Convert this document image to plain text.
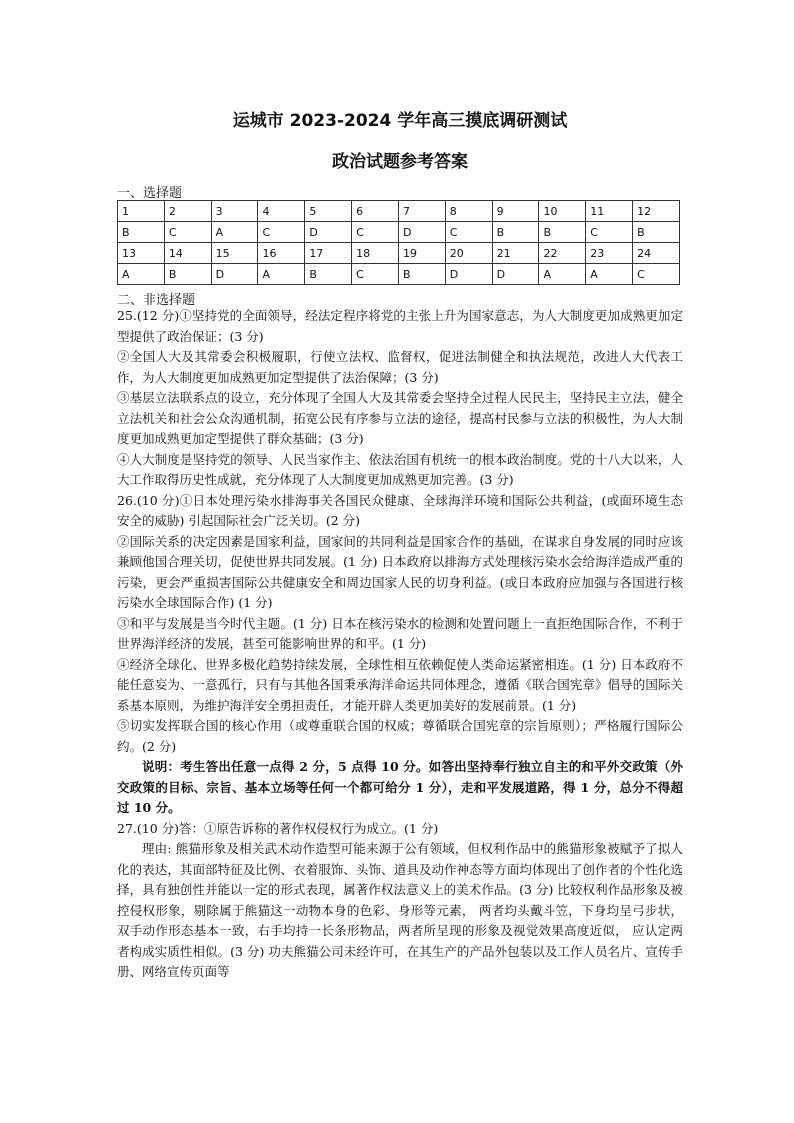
运城市 2023-2024 学年高三摸底调研测试
政治试题参考答案
一、选择题
1	2	3	4	5	6	7	8	9	10	11	12
B	C	A	C	D	C	D	C	B	B	C	B
13	14	15	16	17	18	19	20	21	22	23	24
A	B	D	A	B	C	B	D	D	A	A	C
二、非选择题

25.(12 分)①坚持党的全面领导，经法定程序将党的主张上升为国家意志，为人大制度更加成熟更加定型提供了政治保证；(3 分)

②全国人大及其常委会积极履职，行使立法权、监督权，促进法制健全和执法规范，改进人大代表工作，为人大制度更加成熟更加定型提供了法治保障；(3 分)

③基层立法联系点的设立，充分体现了全国人大及其常委会坚持全过程人民民主，坚持民主立法，健全立法机关和社会公众沟通机制，拓宽公民有序参与立法的途径，提高村民参与立法的积极性，为人大制度更加成熟更加定型提供了群众基础；(3 分)

④人大制度是坚持党的领导、人民当家作主、依法治国有机统一的根本政治制度。党的十八大以来，人大工作取得历史性成就，充分体现了人大制度更加成熟更加完善。(3 分)

26.(10 分)①日本处理污染水排海事关各国民众健康、全球海洋环境和国际公共利益，(或面环境生态安全的威胁) 引起国际社会广泛关切。(2 分)

②国际关系的决定因素是国家利益，国家间的共同利益是国家合作的基础，在谋求自身发展的同时应该兼顾他国合理关切，促使世界共同发展。(1 分) 日本政府以排海方式处理核污染水会给海洋造成严重的污染，更会严重损害国际公共健康安全和周边国家人民的切身利益。(或日本政府应加强与各国进行核污染水全球国际合作) (1 分)

③和平与发展是当今时代主题。(1 分) 日本在核污染水的检测和处置问题上一直拒绝国际合作，不利于世界海洋经济的发展，甚至可能影响世界的和平。(1 分)

④经济全球化、世界多极化趋势持续发展，全球性相互依赖促使人类命运紧密相连。(1 分) 日本政府不能任意妄为、一意孤行，只有与其他各国秉承海洋命运共同体理念，遵循《联合国宪章》倡导的国际关系基本原则，为维护海洋安全勇担责任，才能开辟人类更加美好的发展前景。(1 分)

⑤切实发挥联合国的核心作用（或尊重联合国的权威；尊循联合国宪章的宗旨原则）；严格履行国际公约。(2 分)

说明：考生答出任意一点得 2 分，5 点得 10 分。如答出坚持奉行独立自主的和平外交政策（外交政策的目标、宗旨、基本立场等任何一个都可给分 1 分），走和平发展道路，得 1 分，总分不得超过 10 分。

27.(10 分)答：①原告诉称的著作权侵权行为成立。(1 分)

理由: 熊猫形象及相关武术动作造型可能来源于公有领域，但权利作品中的熊猫形象被赋予了拟人化的表达，其面部特征及比例、衣着服饰、头饰、道具及动作神态等方面均体现出了创作者的个性化选择，具有独创性并能以一定的形式表现，属著作权法意义上的美术作品。(3 分) 比较权利作品形象及被控侵权形象，剔除属于熊猫这一动物本身的色彩、身形等元素， 两者均头戴斗笠，下身均呈弓步状，双手动作形态基本一致，右手均持一长条形物品，两者所呈现的形象及视觉效果高度近似， 应认定两者构成实质性相似。(3 分) 功夫熊猫公司未经许可，在其生产的产品外包装以及工作人员名片、宣传手册、网络宣传页面等
